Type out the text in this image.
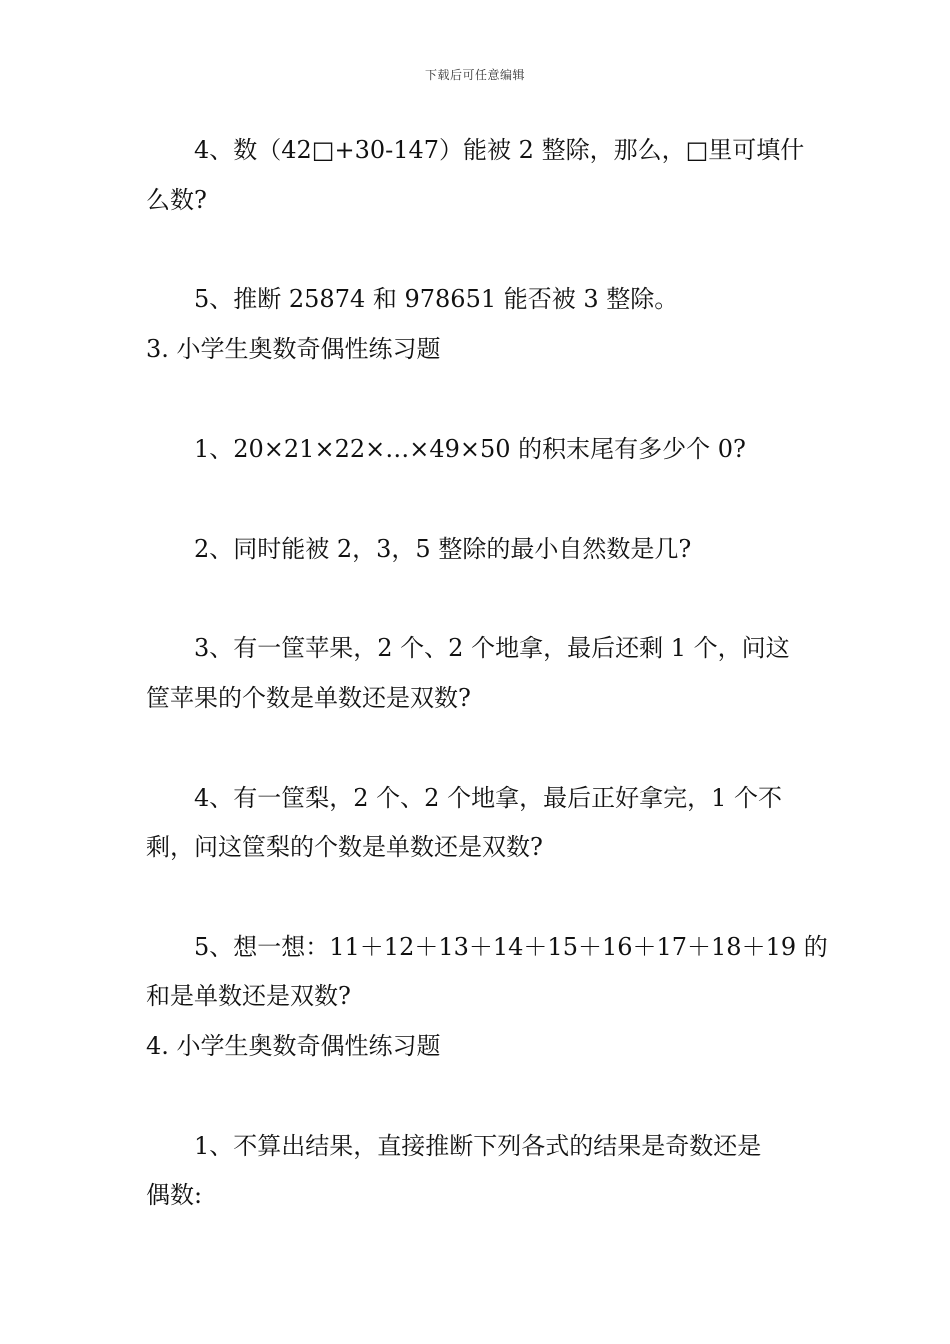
下载后可任意编辑
4、数（42□+30-147）能被 2 整除，那么，□里可填什
么数?
5、推断 25874 和 978651 能否被 3 整除。
3. 小学生奥数奇偶性练习题
1、20×21×22×…×49×50 的积末尾有多少个 0?
2、同时能被 2，3，5 整除的最小自然数是几?
3、有一筐苹果，2 个、2 个地拿，最后还剩 1 个，问这
筐苹果的个数是单数还是双数?
4、有一筐梨，2 个、2 个地拿，最后正好拿完，1 个不
剩，问这筐梨的个数是单数还是双数?
5、想一想：11＋12＋13＋14＋15＋16＋17＋18＋19 的
和是单数还是双数?
4. 小学生奥数奇偶性练习题
1、不算出结果，直接推断下列各式的结果是奇数还是
偶数:
